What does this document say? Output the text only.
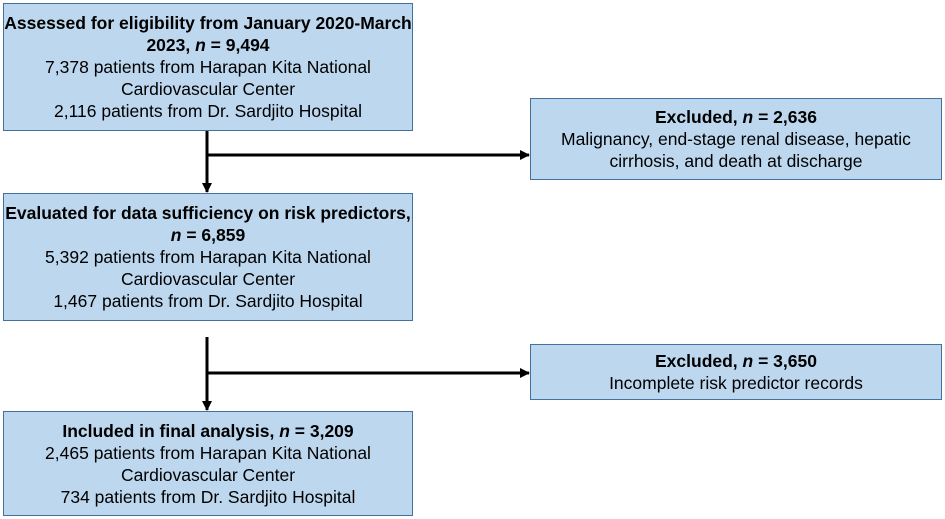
Assessed for eligibility from January 2020-March 2023, n = 9,494
7,378 patients from Harapan Kita National Cardiovascular Center
2,116 patients from Dr. Sardjito Hospital	Excluded, n = 2,636
Malignancy, end-stage renal disease, hepatic cirrhosis, and death at discharge
Evaluated for data sufficiency on risk predictors, n = 6,859
5,392 patients from Harapan Kita National Cardiovascular Center
1,467 patients from Dr. Sardjito Hospital
Excluded, n = 3,650
Incomplete risk predictor records
Included in final analysis, n = 3,209
2,465 patients from Harapan Kita National Cardiovascular Center
734 patients from Dr. Sardjito Hospital
